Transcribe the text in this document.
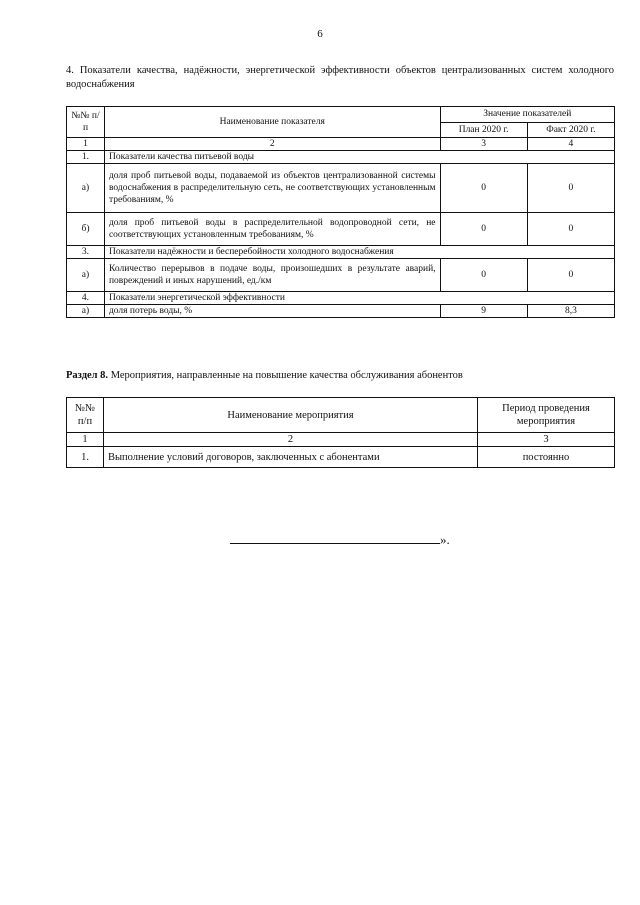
6
4. Показатели качества, надёжности, энергетической эффективности объектов централизованных систем холодного водоснабжения
№№ п/п	Наименование показателя	Значение показателей	
		План 2020 г.	Факт 2020 г.
1	2	3	4
1.	Показатели качества питьевой воды		
а)	доля проб питьевой воды, подаваемой из объектов централизованной системы водоснабжения в распределительную сеть, не соответствующих установленным требованиям, %	0	0
б)	доля проб питьевой воды в распределительной водопроводной сети, не соответствующих установленным требованиям, %	0	0
3.	Показатели надёжности и бесперебойности холодного водоснабжения		
а)	Количество перерывов в подаче воды, произошедших в результате аварий, повреждений и иных нарушений, ед./км	0	0
4.	Показатели энергетической эффективности		
а)	доля потерь воды, %	9	8,3
Раздел 8. Мероприятия, направленные на повышение качества обслуживания абонентов
№№ п/п	Наименование мероприятия	Период проведения мероприятия
1	2	3
1.	Выполнение условий договоров, заключенных с абонентами	постоянно
».
